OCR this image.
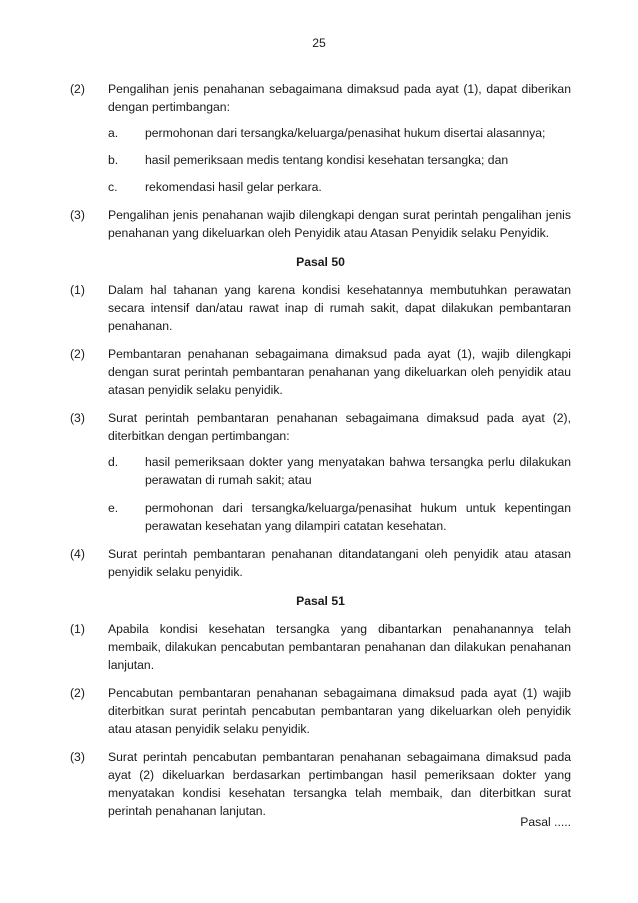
25
(2)	Pengalihan jenis penahanan sebagaimana dimaksud pada ayat (1), dapat diberikan dengan pertimbangan:
a.	permohonan dari tersangka/keluarga/penasihat hukum disertai alasannya;
b.	hasil pemeriksaan medis tentang kondisi kesehatan tersangka; dan
c.	rekomendasi hasil gelar perkara.
(3)	Pengalihan jenis penahanan wajib dilengkapi dengan surat perintah pengalihan jenis penahanan yang dikeluarkan oleh Penyidik atau Atasan Penyidik selaku Penyidik.
Pasal 50
(1)	Dalam hal tahanan yang karena kondisi kesehatannya membutuhkan perawatan secara intensif dan/atau rawat inap di rumah sakit, dapat dilakukan pembantaran penahanan.
(2)	Pembantaran penahanan sebagaimana dimaksud pada ayat (1), wajib dilengkapi dengan surat perintah pembantaran penahanan yang dikeluarkan oleh penyidik atau atasan penyidik selaku penyidik.
(3)	Surat perintah pembantaran penahanan sebagaimana dimaksud pada ayat (2), diterbitkan dengan pertimbangan:
d.	hasil pemeriksaan dokter yang menyatakan bahwa tersangka perlu dilakukan perawatan di rumah sakit; atau
e.	permohonan dari tersangka/keluarga/penasihat hukum untuk kepentingan perawatan kesehatan yang dilampiri catatan kesehatan.
(4)	Surat perintah pembantaran penahanan ditandatangani oleh penyidik atau atasan penyidik selaku penyidik.
Pasal 51
(1)	Apabila kondisi kesehatan tersangka yang dibantarkan penahanannya telah membaik, dilakukan pencabutan pembantaran penahanan dan dilakukan penahanan lanjutan.
(2)	Pencabutan pembantaran penahanan sebagaimana dimaksud pada ayat (1) wajib diterbitkan surat perintah pencabutan pembantaran yang dikeluarkan oleh penyidik atau atasan penyidik selaku penyidik.
(3)	Surat perintah pencabutan pembantaran penahanan sebagaimana dimaksud pada ayat (2) dikeluarkan berdasarkan pertimbangan hasil pemeriksaan dokter yang menyatakan kondisi kesehatan tersangka telah membaik, dan diterbitkan surat perintah penahanan lanjutan.
Pasal .....
